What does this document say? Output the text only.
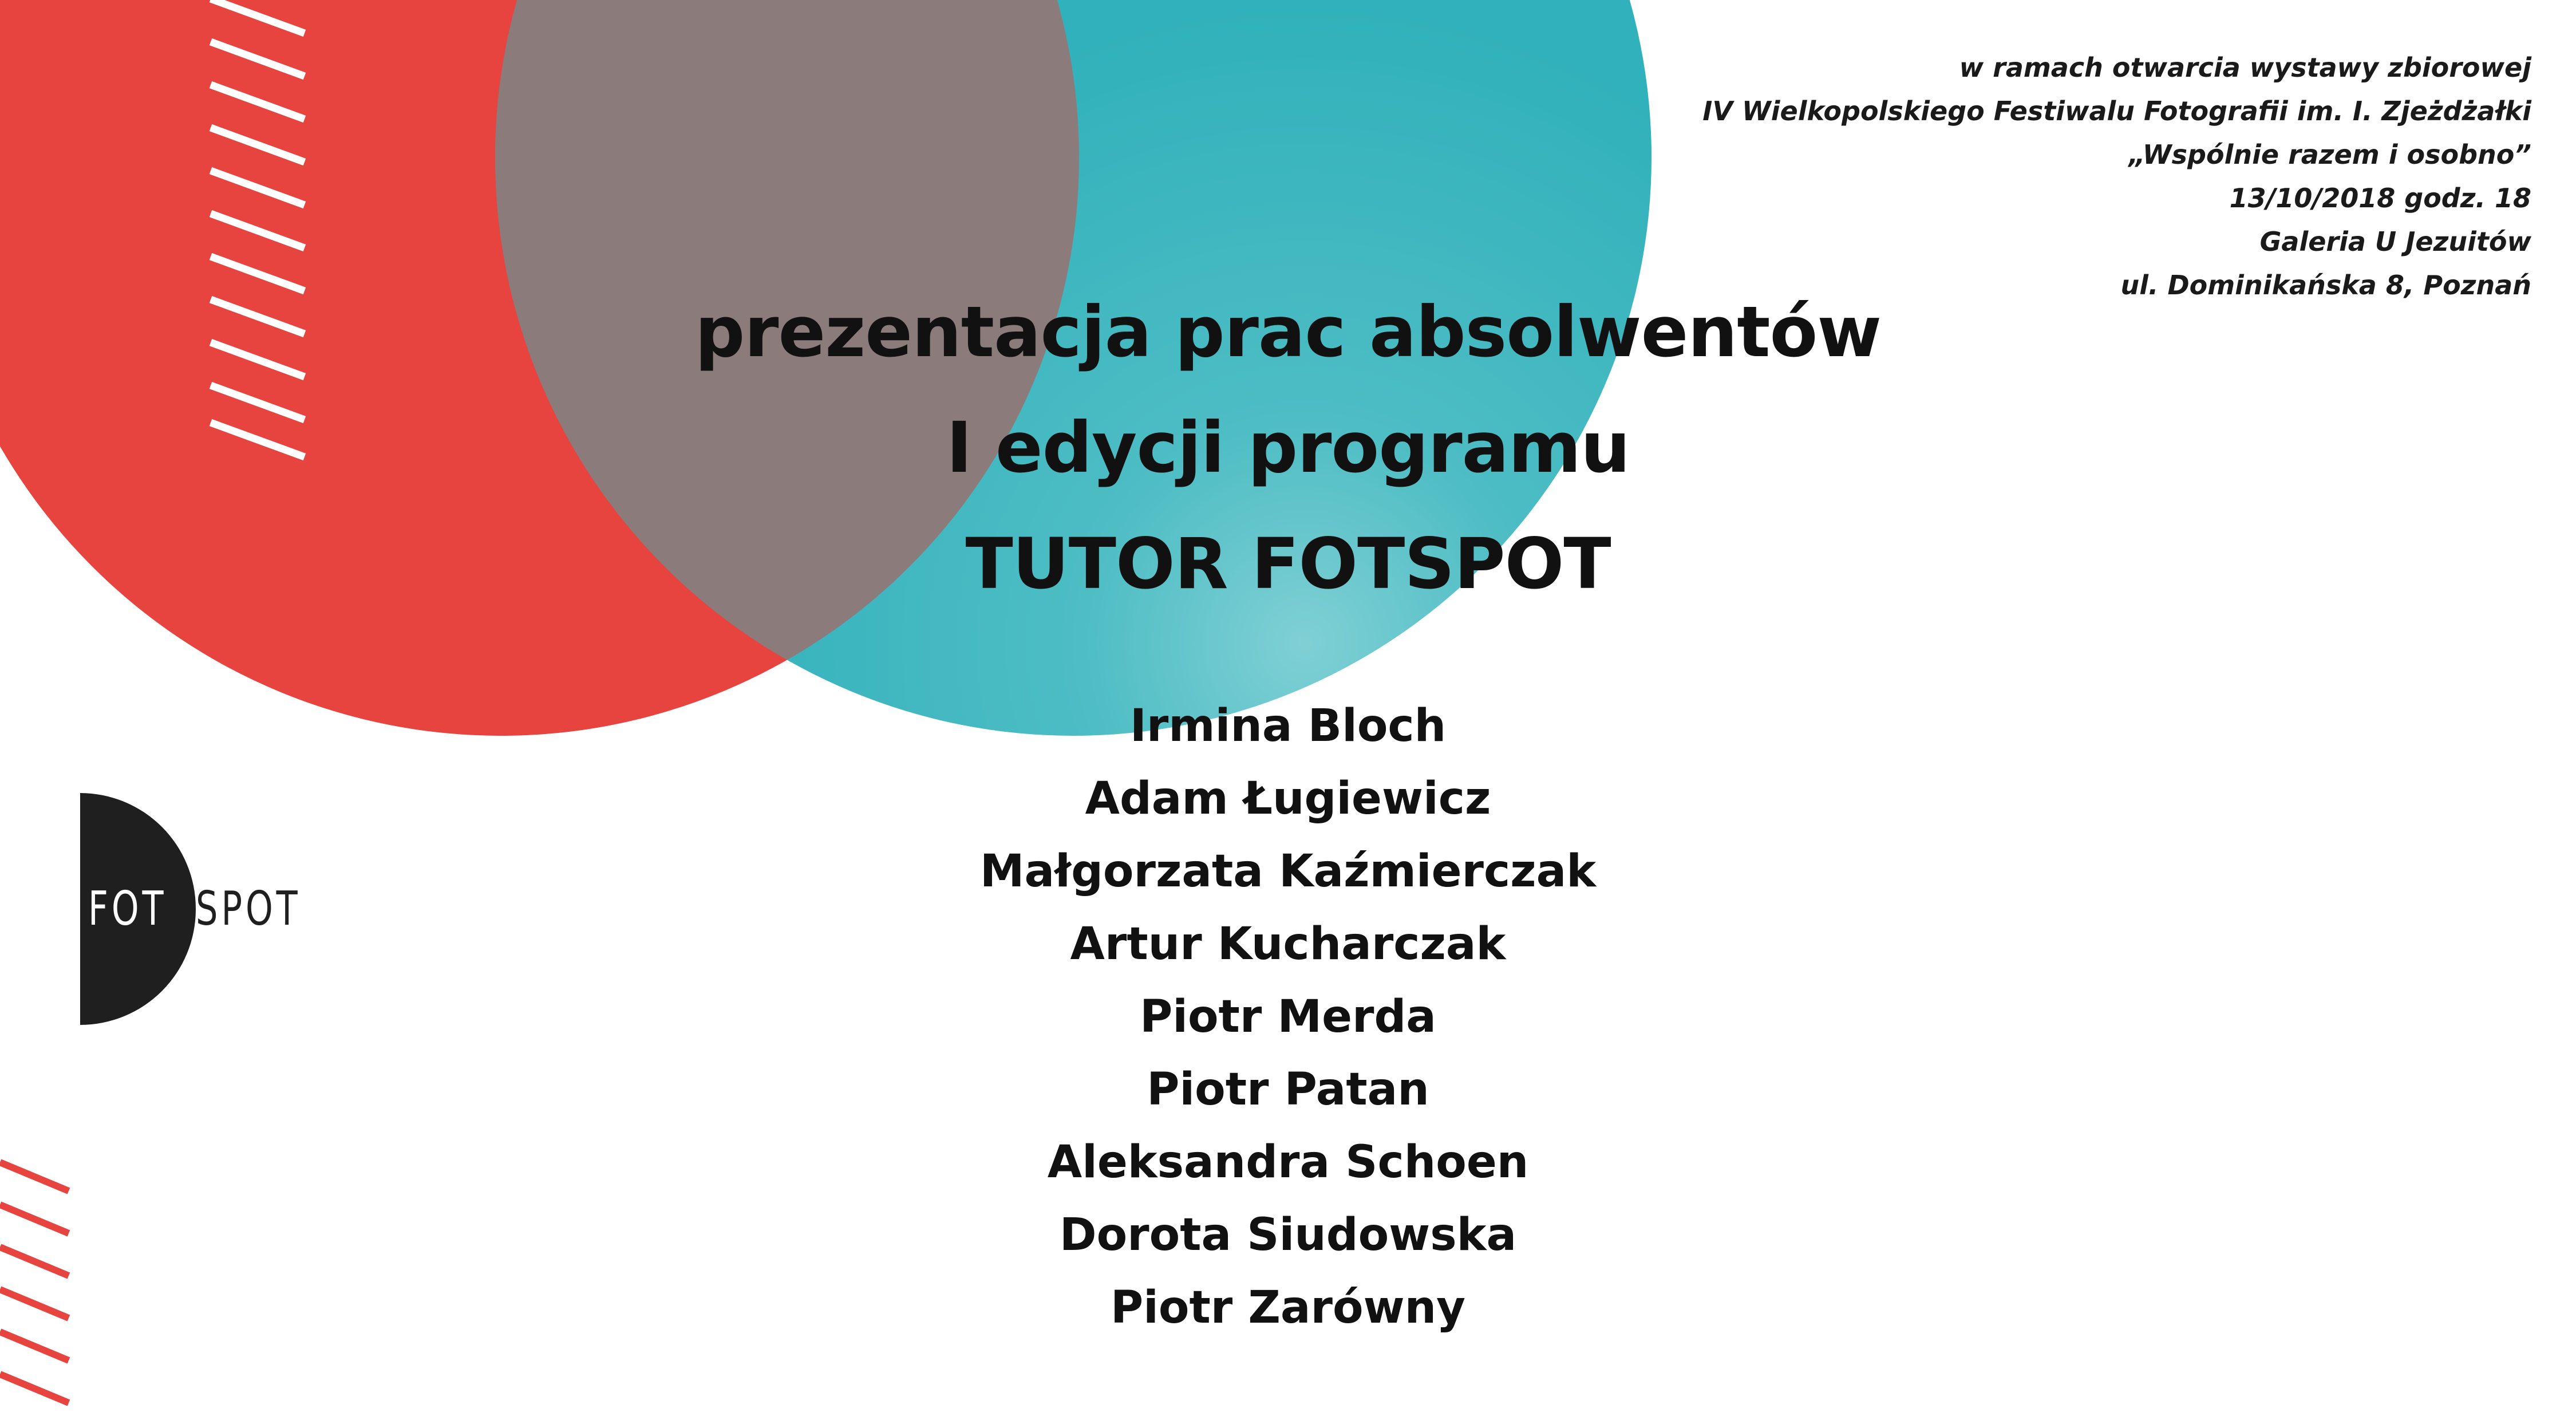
w ramach otwarcia wystawy zbiorowej
IV Wielkopolskiego Festiwalu Fotografii im. I. Zjeżdżałki
„Wspólnie razem i osobno”
13/10/2018 godz. 18
Galeria U Jezuitów
ul. Dominikańska 8, Poznań
prezentacja prac absolwentów
I edycji programu
TUTOR FOTSPOT
Irmina Bloch
Adam Ługiewicz
Małgorzata Kaźmierczak
Artur Kucharczak
Piotr Merda
Piotr Patan
Aleksandra Schoen
Dorota Siudowska
Piotr Zarówny
FOT SPOT
